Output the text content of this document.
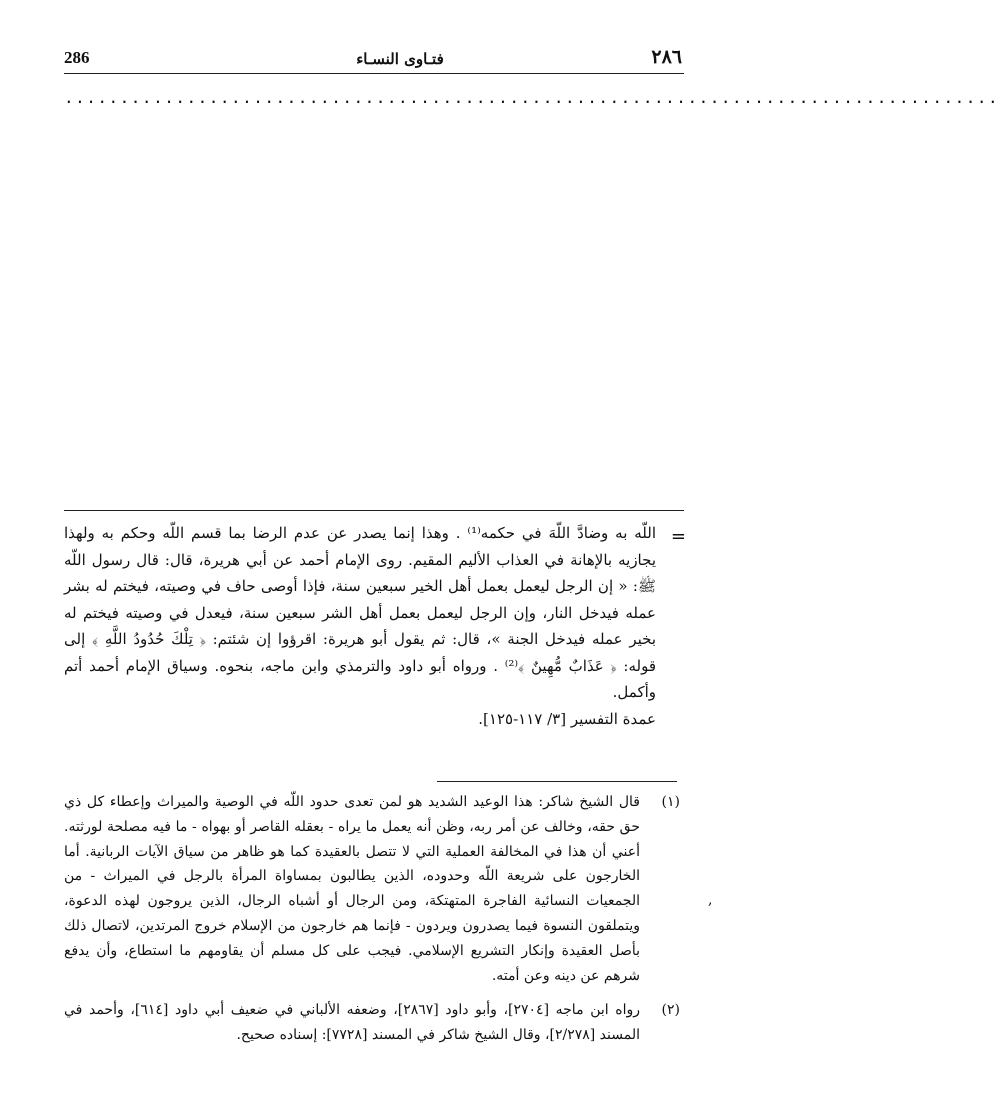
286	فتـاوى النسـاء	٢٨٦
....................................................................................
=

اللّه به وضادَّ اللّهَ في حكمه⁽¹⁾ . وهذا إنما يصدر عن عدم الرضا بما قسم اللّه وحكم به ولهذا يجازيه بالإهانة في العذاب الأليم المقيم. روى الإمام أحمد عن أبي هريرة، قال: قال رسول اللّه ﷺ: « إن الرجل ليعمل بعمل أهل الخير سبعين سنة، فإذا أوصى حاف في وصيته، فيختم له بشر عمله فيدخل النار، وإن الرجل ليعمل بعمل أهل الشر سبعين سنة، فيعدل في وصيته فيختم له بخير عمله فيدخل الجنة »، قال: ثم يقول أبو هريرة: اقرؤوا إن شئتم: ﴿ تِلْكَ حُدُودُ اللَّهِ ﴾ إلى قوله: ﴿ عَذَابٌ مُّهِينٌ ﴾⁽²⁾ . ورواه أبو داود والترمذي وابن ماجه، بنحوه. وسياق الإمام أحمد أتم وأكمل.

عمدة التفسير [٣/ ١١٧-١٢٥].

(١)
قال الشيخ شاكر: هذا الوعيد الشديد هو لمن تعدى حدود اللّه في الوصية والميراث وإعطاء كل ذي حق حقه، وخالف عن أمر ربه، وظن أنه يعمل ما يراه - بعقله القاصر أو بهواه - ما فيه مصلحة لورثته. أعني أن هذا في المخالفة العملية التي لا تتصل بالعقيدة كما هو ظاهر من سياق الآيات الربانية. أما الخارجون على شريعة اللّه وحدوده، الذين يطالبون بمساواة المرأة بالرجل في الميراث - من الجمعيات النسائية الفاجرة المتهتكة، ومن الرجال أو أشباه الرجال، الذين يروجون لهذه الدعوة، ويتملقون النسوة فيما يصدرون ويردون - فإنما هم خارجون من الإسلام خروج المرتدين، لاتصال ذلك بأصل العقيدة وإنكار التشريع الإسلامي. فيجب على كل مسلم أن يقاومهم ما استطاع، وأن يدفع شرهم عن دينه وعن أمته.
(٢)
رواه ابن ماجه [٢٧٠٤]، وأبو داود [٢٨٦٧]، وضعفه الألباني في ضعيف أبي داود [٦١٤]، وأحمد في المسند [٢/٢٧٨]، وقال الشيخ شاكر في المسند [٧٧٢٨]: إسناده صحيح.
,
